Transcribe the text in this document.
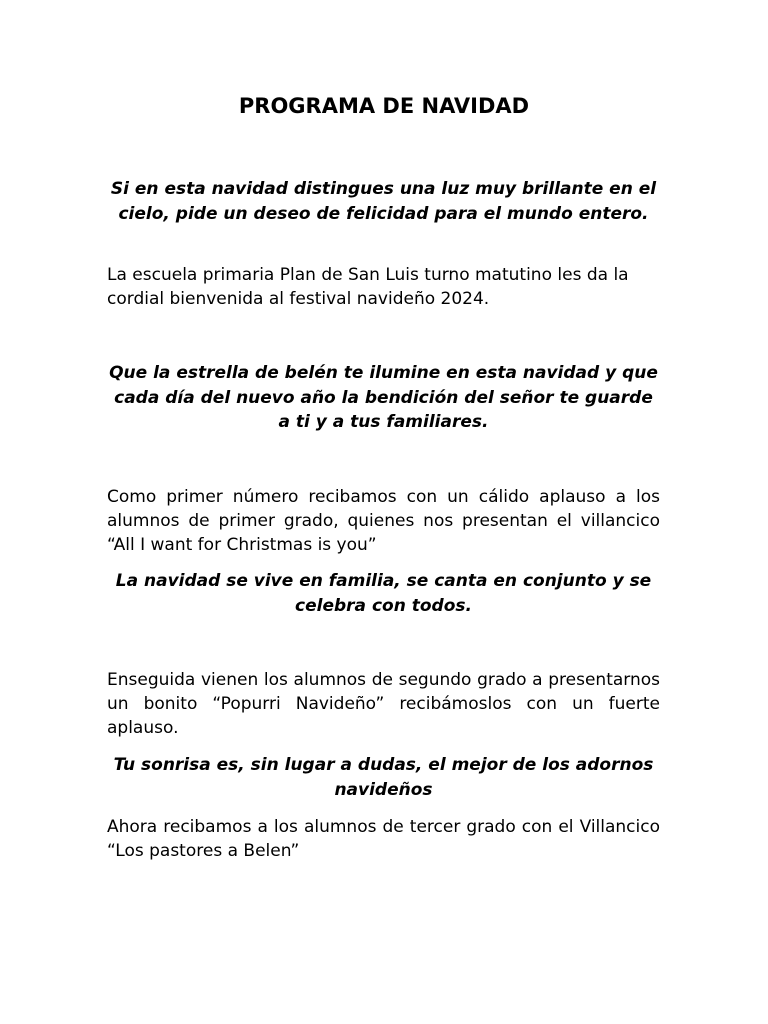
PROGRAMA DE NAVIDAD

Si en esta navidad distingues una luz muy brillante en el cielo, pide un deseo de felicidad para el mundo entero.

La escuela primaria Plan de San Luis turno matutino les da la cordial bienvenida al festival navideño 2024.

Que la estrella de belén te ilumine en esta navidad y que cada día del nuevo año la bendición del señor te guarde a ti y a tus familiares.

Como primer número recibamos con un cálido aplauso a los alumnos de primer grado, quienes nos presentan el villancico “All I want for Christmas is you”

La navidad se vive en familia, se canta en conjunto y se celebra con todos.

Enseguida vienen los alumnos de segundo grado a presentarnos un bonito “Popurri Navideño” recibámoslos con un fuerte aplauso.

Tu sonrisa es, sin lugar a dudas, el mejor de los adornos navideños

Ahora recibamos a los alumnos de tercer grado con el Villancico “Los pastores a Belen”
